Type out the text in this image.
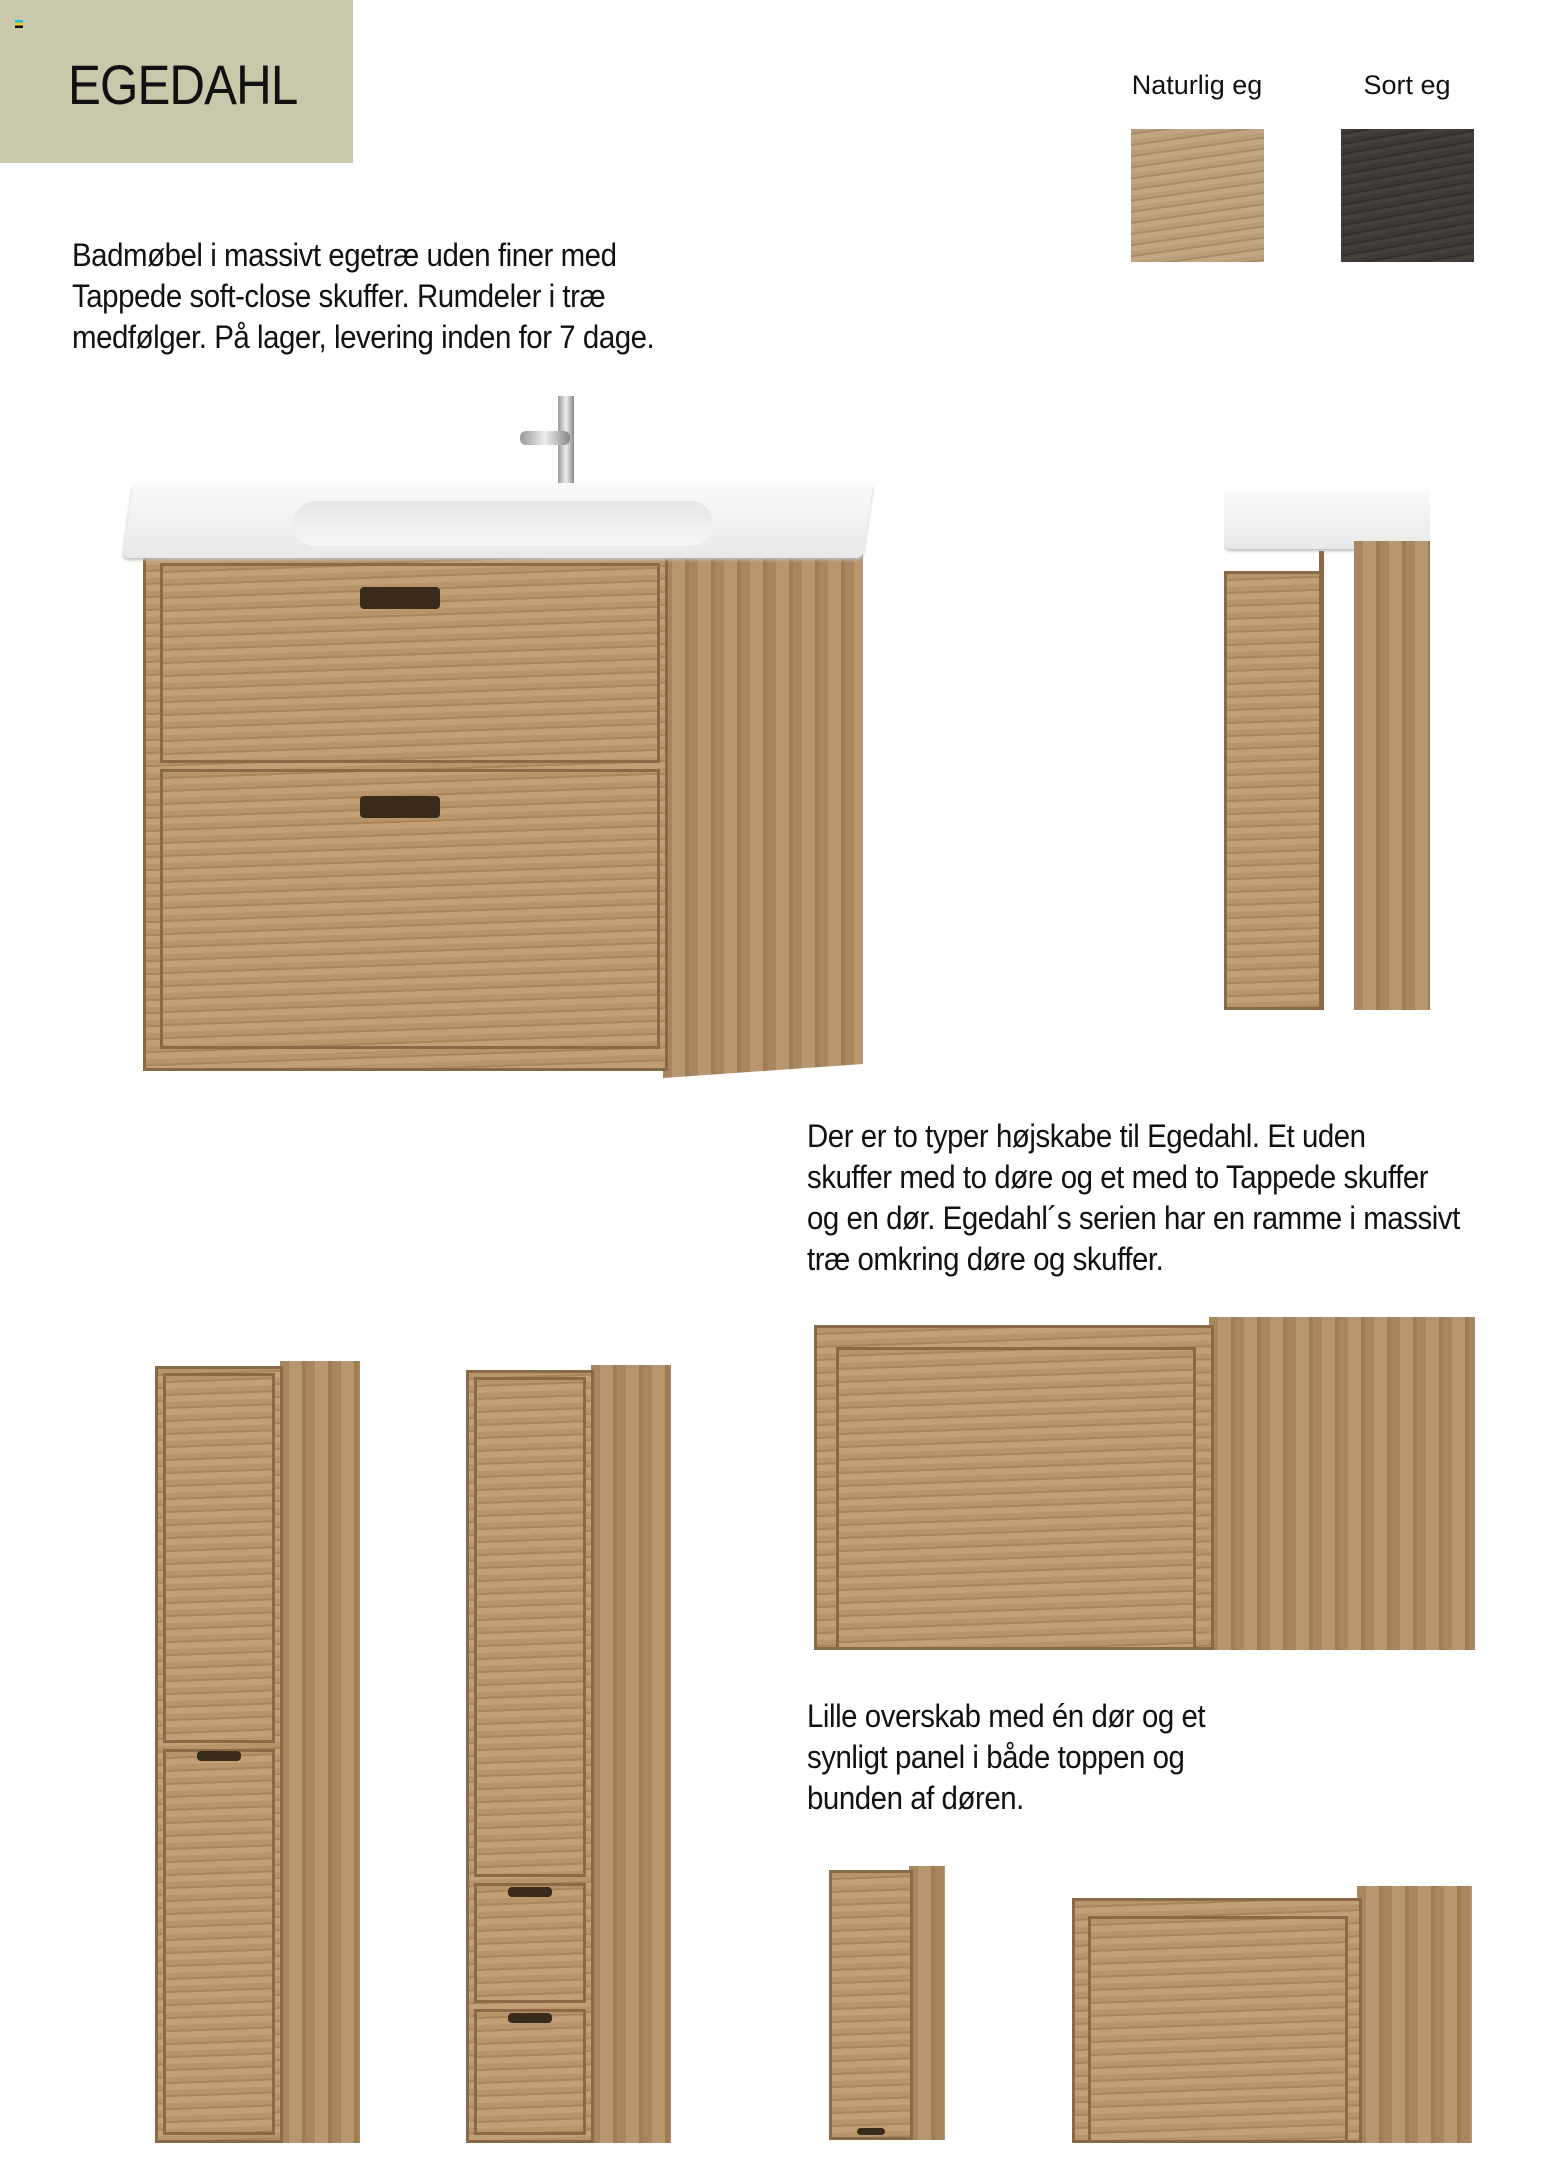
EGEDAHL
Badmøbel i massivt egetræ uden finer med
Tappede soft-close skuffer. Rumdeler i træ
medfølger. På lager, levering inden for 7 dage.
Naturlig eg	Sort eg
Der er to typer højskabe til Egedahl. Et uden
skuffer med to døre og et med to Tappede skuffer
og en dør. Egedahl´s serien har en ramme i massivt
træ omkring døre og skuffer.
Lille overskab med én dør og et
synligt panel i både toppen og
bunden af døren.
